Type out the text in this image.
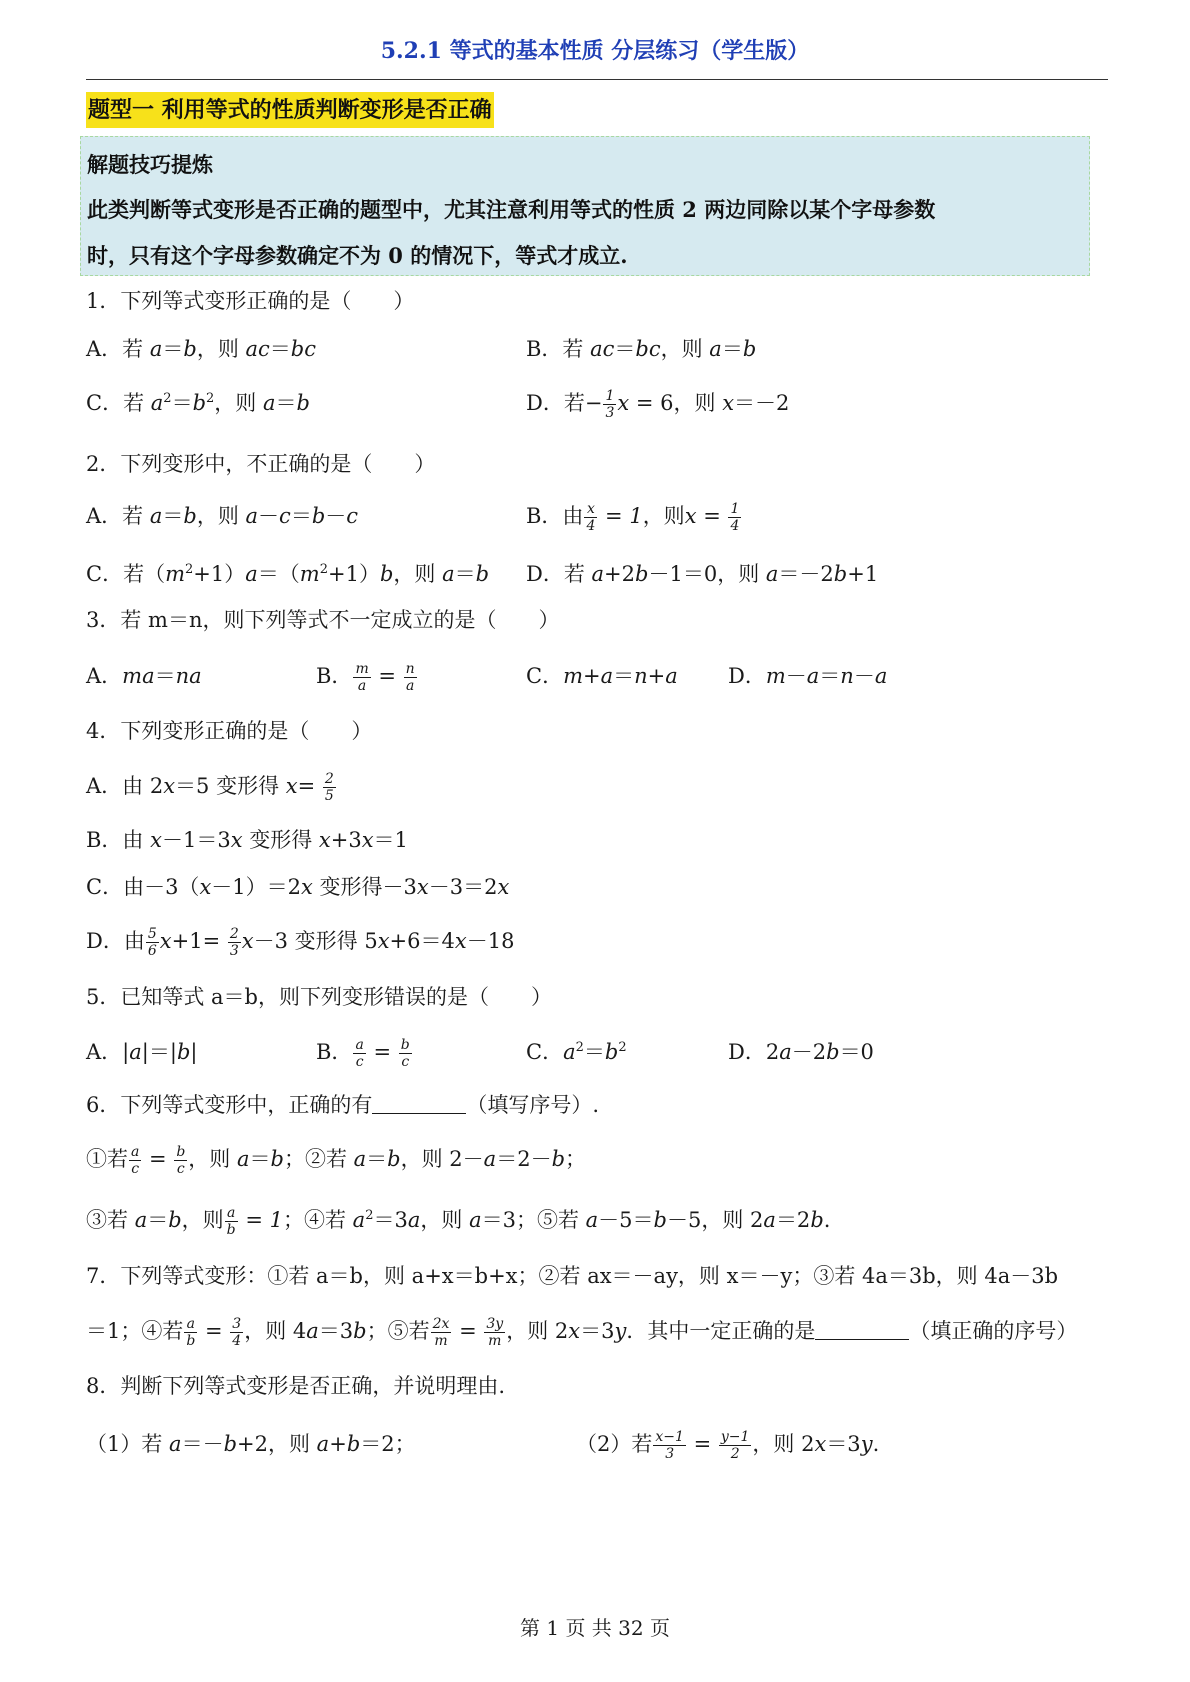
5.2.1 等式的基本性质 分层练习（学生版）
题型一 利用等式的性质判断变形是否正确
解题技巧提炼
此类判断等式变形是否正确的题型中，尤其注意利用等式的性质 2 两边同除以某个字母参数
时，只有这个字母参数确定不为 0 的情况下，等式才成立.
1．下列等式变形正确的是（　　）
A．若 a＝b，则 ac＝bc	B．若 ac＝bc，则 a＝b
C．若 $a^2=b^2$，则 a＝b	D．若− $\frac{1}{3}$ x = 6，则 x＝－2
2．下列变形中，不正确的是（　　）
A．若 a＝b，则 a－c＝b－c	B．由 $\frac{x}{4} = 1$，则$x = \frac{1}{4}$
C．若$(m^2+1)a=(m^2+1)b$，则 a＝b D．若 a+2b－1＝0，则 a＝－2b+1
3．若 m＝n，则下列等式不一定成立的是（　　）
A．ma＝na	B． $\frac{m}{a} = \frac{n}{a}$	C．m+a＝n+a D．m－a＝n－a
4．下列变形正确的是（　　）
A．由 2x＝5 变形得 $x= \frac{2}{5}$
B．由 x－1＝3x 变形得 x+3x＝1
C．由－3（x－1）＝2x 变形得－3x－3＝2x
D．由 $\frac{5}{6} x+1= \frac{2}{3} x-3$ 变形得 5x+6＝4x－18
5．已知等式 a＝b，则下列变形错误的是（　　）
A．|a|＝|b|	B． $\frac{a}{c} = \frac{b}{c}$	C．$a^2=b^2$	D．2a－2b＝0
6．下列等式变形中，正确的有	（填写序号）.
①若 $\frac{a}{c} = \frac{b}{c}$ ，则 a＝b；②若 a＝b，则 2－a＝2－b；
③若 a＝b，则 $\frac{a}{b} = 1$；④若 $a^2=3a$，则 a＝3；⑤若 a－5＝b－5，则 2a＝2b.
7．下列等式变形：①若 a＝b，则 a+x＝b+x；②若 ax＝－ay，则 x＝－y；③若 4a＝3b，则 4a－3b
＝1；④若 $\frac{a}{b} = \frac{3}{4}$ ，则 4a＝3b；⑤若 $\frac{2x}{m} = \frac{3y}{m}$ ，则 2x＝3y．其中一定正确的是	（填正确的序号）
8．判断下列等式变形是否正确，并说明理由.
（1）若 a＝－b+2，则 a+b＝2；	（2）若 $\frac{x-1}{3} = \frac{y-1}{2}$ ，则 2x＝3y.
第 1 页 共 32 页
